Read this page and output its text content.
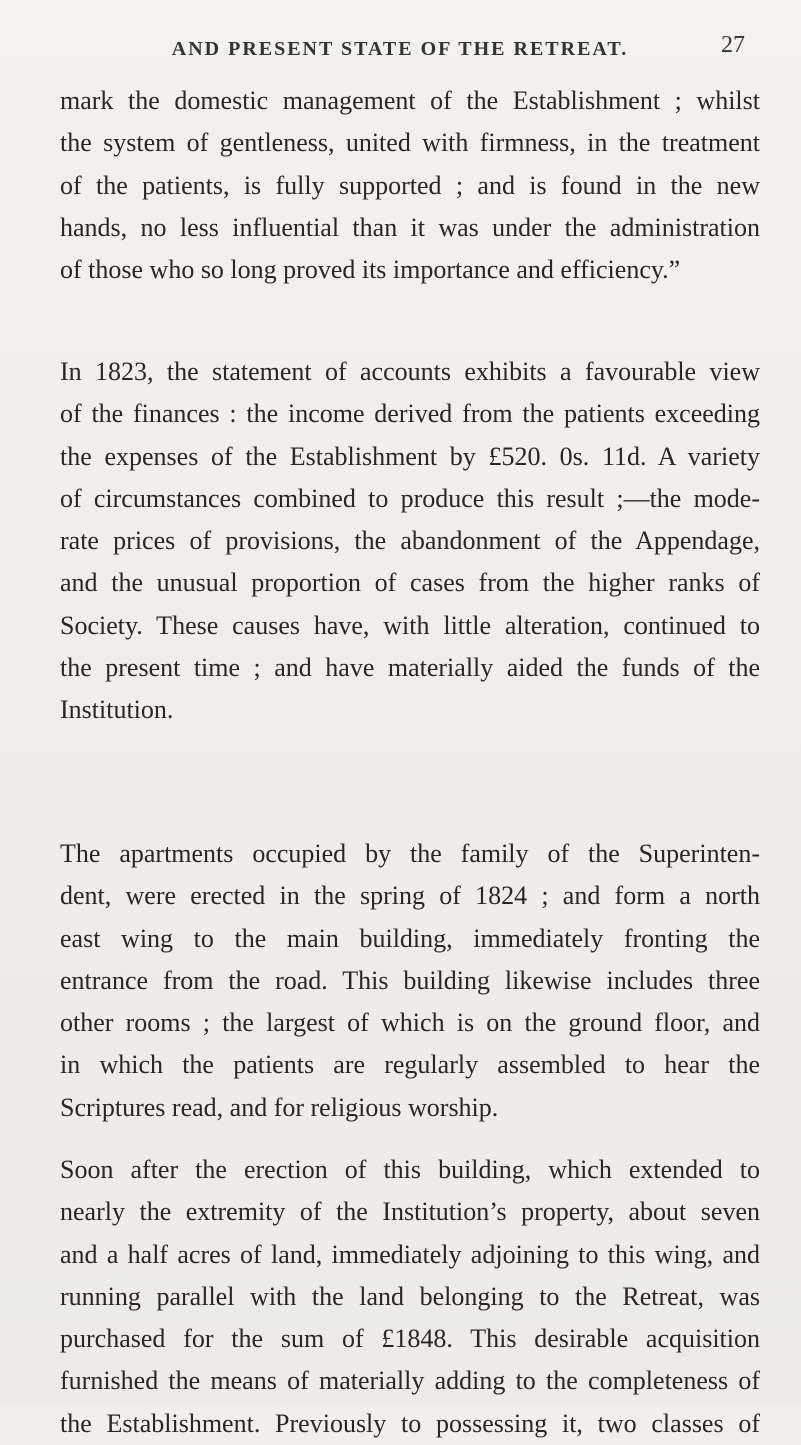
AND PRESENT STATE OF THE RETREAT.	27

mark the domestic management of the Establishment ; whilst
the system of gentleness, united with firmness, in the treatment
of the patients, is fully supported ; and is found in the new
hands, no less influential than it was under the administration
of those who so long proved its importance and efficiency.”

In 1823, the statement of accounts exhibits a favourable view
of the finances : the income derived from the patients exceeding
the expenses of the Establishment by £520. 0s. 11d. A variety
of circumstances combined to produce this result ;—the mode-
rate prices of provisions, the abandonment of the Appendage,
and the unusual proportion of cases from the higher ranks of
Society. These causes have, with little alteration, continued to
the present time ; and have materially aided the funds of the
Institution.

The apartments occupied by the family of the Superinten-
dent, were erected in the spring of 1824 ; and form a north
east wing to the main building, immediately fronting the
entrance from the road. This building likewise includes three
other rooms ; the largest of which is on the ground floor, and
in which the patients are regularly assembled to hear the
Scriptures read, and for religious worship.

Soon after the erection of this building, which extended to
nearly the extremity of the Institution’s property, about seven
and a half acres of land, immediately adjoining to this wing, and
running parallel with the land belonging to the Retreat, was
purchased for the sum of £1848. This desirable acquisition
furnished the means of materially adding to the completeness of
the Establishment. Previously to possessing it, two classes of
